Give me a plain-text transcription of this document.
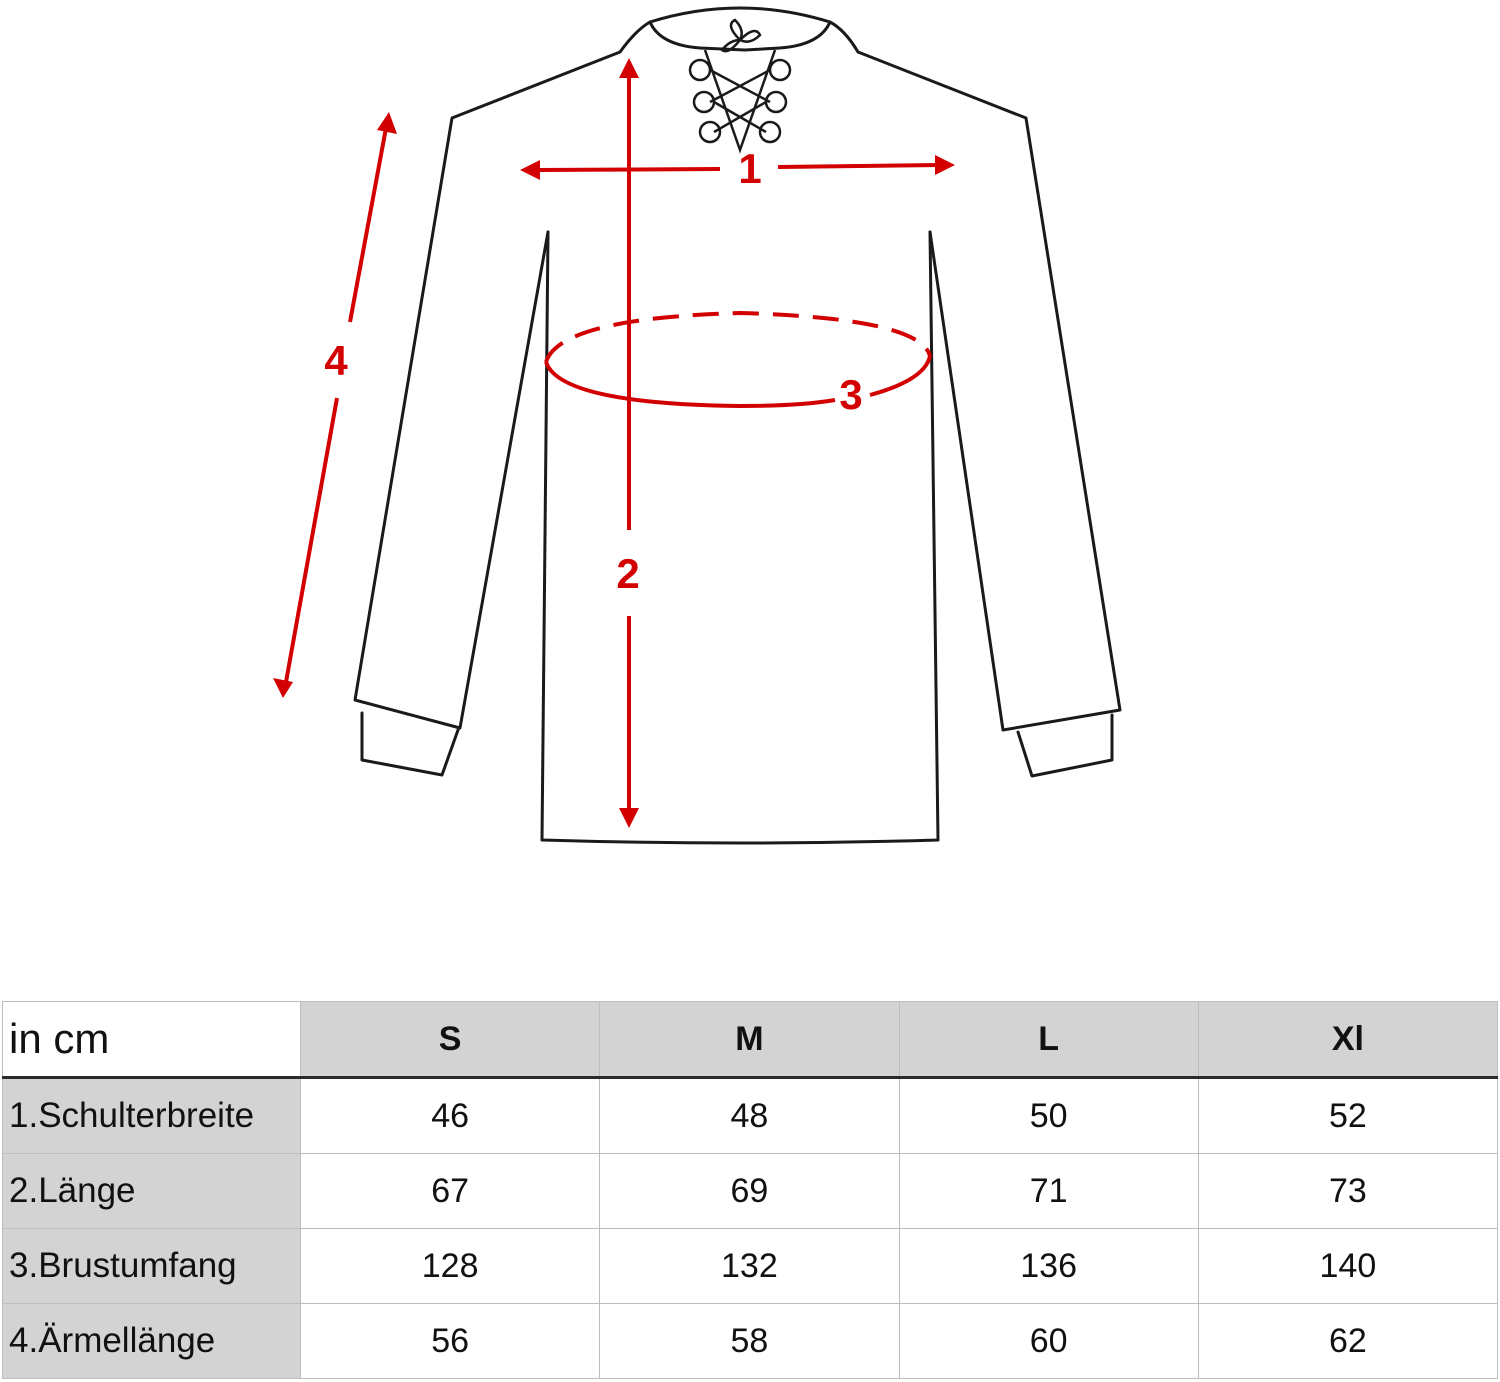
1
2
3
4
in cm	S	M	L	Xl
1.Schulterbreite	46	48	50	52
2.Länge	67	69	71	73
3.Brustumfang	128	132	136	140
4.Ärmellänge	56	58	60	62
